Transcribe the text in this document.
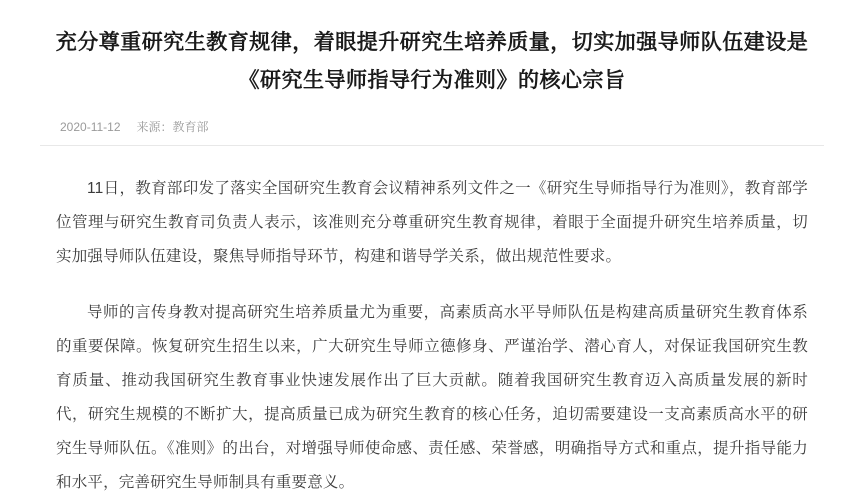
充分尊重研究生教育规律，着眼提升研究生培养质量，切实加强导师队伍建设是《研究生导师指导行为准则》的核心宗旨
2020-11-12 来源：教育部

11日，教育部印发了落实全国研究生教育会议精神系列文件之一《研究生导师指导行为准则》，教育部学位管理与研究生教育司负责人表示，该准则充分尊重研究生教育规律，着眼于全面提升研究生培养质量，切实加强导师队伍建设，聚焦导师指导环节，构建和谐导学关系，做出规范性要求。

导师的言传身教对提高研究生培养质量尤为重要，高素质高水平导师队伍是构建高质量研究生教育体系的重要保障。恢复研究生招生以来，广大研究生导师立德修身、严谨治学、潜心育人，对保证我国研究生教育质量、推动我国研究生教育事业快速发展作出了巨大贡献。随着我国研究生教育迈入高质量发展的新时代，研究生规模的不断扩大，提高质量已成为研究生教育的核心任务，迫切需要建设一支高素质高水平的研究生导师队伍。《准则》的出台，对增强导师使命感、责任感、荣誉感，明确指导方式和重点，提升指导能力和水平，完善研究生导师制具有重要意义。
